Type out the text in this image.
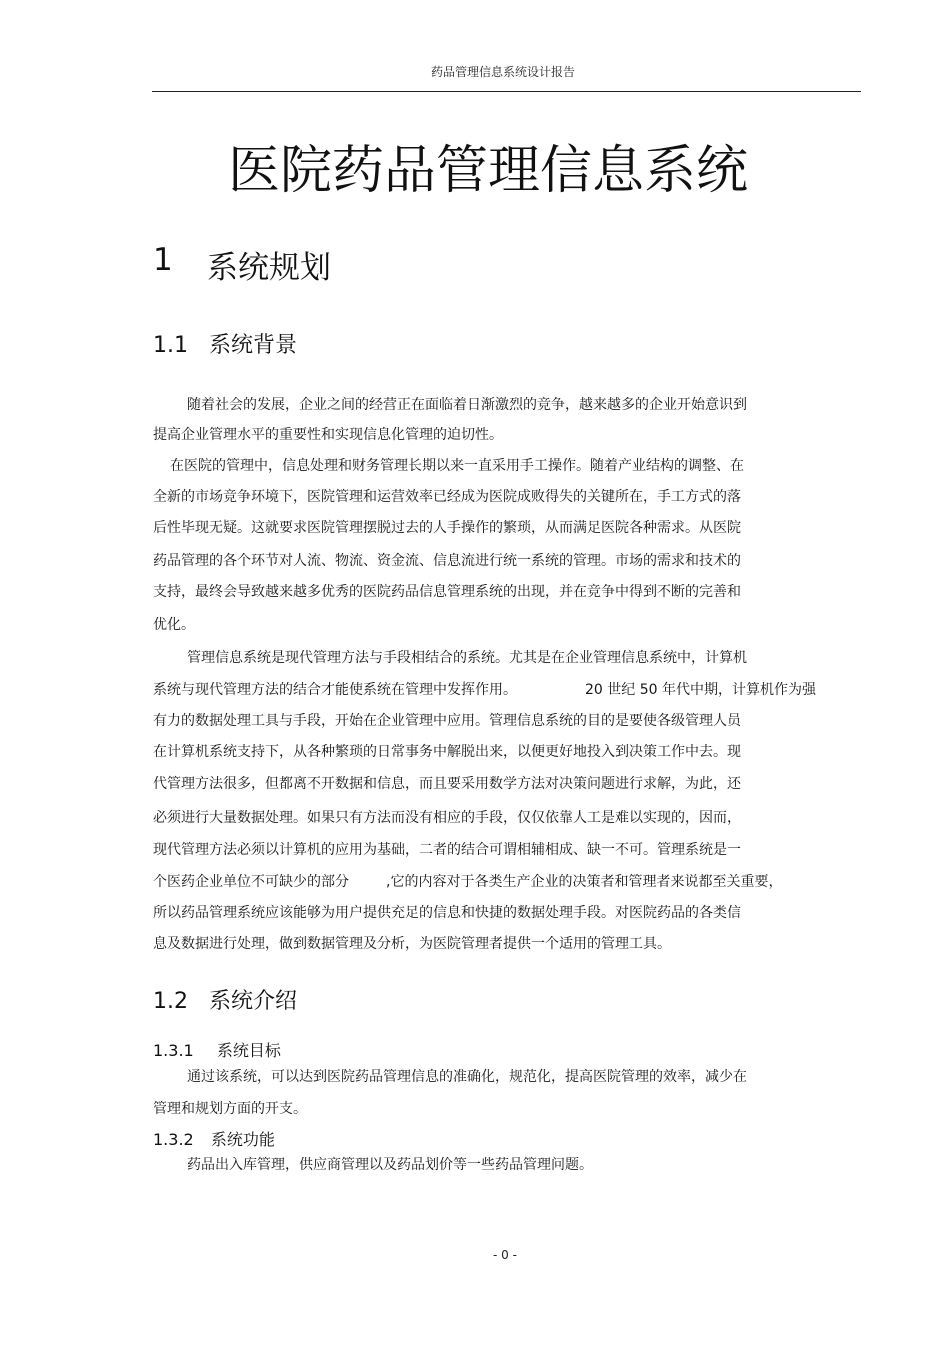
药品管理信息系统设计报告
医院药品管理信息系统
1 系统规划
1.1 系统背景
随着社会的发展，企业之间的经营正在面临着日渐激烈的竞争，越来越多的企业开始意识到
提高企业管理水平的重要性和实现信息化管理的迫切性。
在医院的管理中，信息处理和财务管理长期以来一直采用手工操作。随着产业结构的调整、在
全新的市场竞争环境下，医院管理和运营效率已经成为医院成败得失的关键所在，手工方式的落
后性毕现无疑。这就要求医院管理摆脱过去的人手操作的繁琐，从而满足医院各种需求。从医院
药品管理的各个环节对人流、物流、资金流、信息流进行统一系统的管理。市场的需求和技术的
支持，最终会导致越来越多优秀的医院药品信息管理系统的出现，并在竞争中得到不断的完善和
优化。
管理信息系统是现代管理方法与手段相结合的系统。尤其是在企业管理信息系统中，计算机
系统与现代管理方法的结合才能使系统在管理中发挥作用。	20 世纪 50 年代中期，计算机作为强
有力的数据处理工具与手段，开始在企业管理中应用。管理信息系统的目的是要使各级管理人员
在计算机系统支持下，从各种繁琐的日常事务中解脱出来，以便更好地投入到决策工作中去。现
代管理方法很多，但都离不开数据和信息，而且要采用数学方法对决策问题进行求解，为此，还
必须进行大量数据处理。如果只有方法而没有相应的手段，仅仅依靠人工是难以实现的，因而，
现代管理方法必须以计算机的应用为基础，二者的结合可谓相辅相成、缺一不可。管理系统是一
个医药企业单位不可缺少的部分	,它的内容对于各类生产企业的决策者和管理者来说都至关重要，
所以药品管理系统应该能够为用户提供充足的信息和快捷的数据处理手段。对医院药品的各类信
息及数据进行处理，做到数据管理及分析，为医院管理者提供一个适用的管理工具。
1.2 系统介绍
1.3.1 系统目标
通过该系统，可以达到医院药品管理信息的准确化，规范化，提高医院管理的效率，减少在
管理和规划方面的开支。
1.3.2 系统功能
药品出入库管理，供应商管理以及药品划价等一些药品管理问题。
- 0 -
